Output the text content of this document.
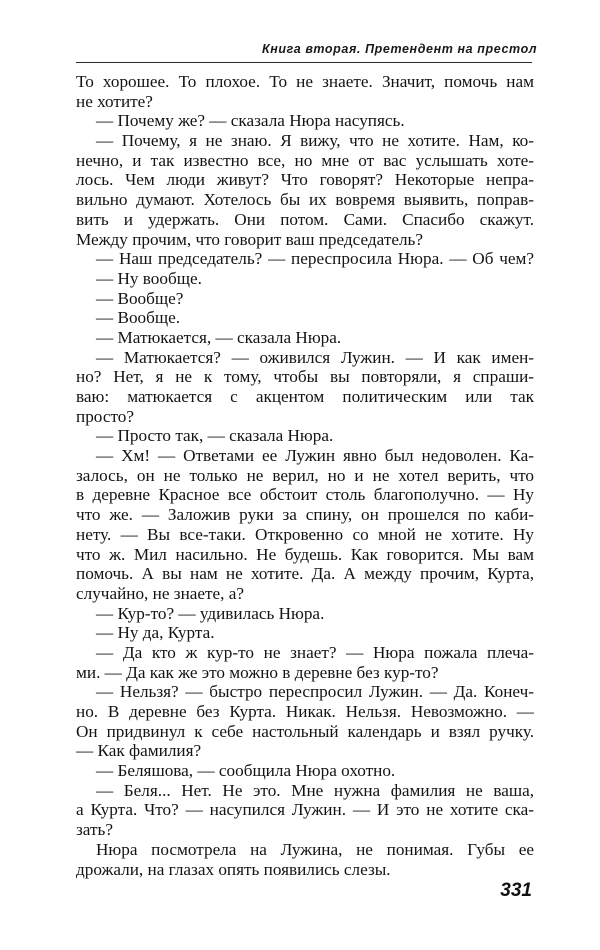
Книга вторая. Претендент на престол
То хорошее. То плохое. То не знаете. Значит, помочь нам
не хотите?
— Почему же? — сказала Нюра насупясь.
— Почему, я не знаю. Я вижу, что не хотите. Нам, ко-
нечно, и так известно все, но мне от вас услышать хоте-
лось. Чем люди живут? Что говорят? Некоторые непра-
вильно думают. Хотелось бы их вовремя выявить, поправ-
вить и удержать. Они потом. Сами. Спасибо скажут.
Между прочим, что говорит ваш председатель?
— Наш председатель? — переспросила Нюра. — Об чем?
— Ну вообще.
— Вообще?
— Вообще.
— Матюкается, — сказала Нюра.
— Матюкается? — оживился Лужин. — И как имен-
но? Нет, я не к тому, чтобы вы повторяли, я спраши-
ваю: матюкается с акцентом политическим или так
просто?
— Просто так, — сказала Нюра.
— Хм! — Ответами ее Лужин явно был недоволен. Ка-
залось, он не только не верил, но и не хотел верить, что
в деревне Красное все обстоит столь благополучно. — Ну
что же. — Заложив руки за спину, он прошелся по каби-
нету. — Вы все-таки. Откровенно со мной не хотите. Ну
что ж. Мил насильно. Не будешь. Как говорится. Мы вам
помочь. А вы нам не хотите. Да. А между прочим, Курта,
случайно, не знаете, а?
— Кур-то? — удивилась Нюра.
— Ну да, Курта.
— Да кто ж кур-то не знает? — Нюра пожала плеча-
ми. — Да как же это можно в деревне без кур-то?
— Нельзя? — быстро переспросил Лужин. — Да. Конеч-
но. В деревне без Курта. Никак. Нельзя. Невозможно. —
Он придвинул к себе настольный календарь и взял ручку.
— Как фамилия?
— Беляшова, — сообщила Нюра охотно.
— Беля... Нет. Не это. Мне нужна фамилия не ваша,
а Курта. Что? — насупился Лужин. — И это не хотите ска-
зать?
Нюра посмотрела на Лужина, не понимая. Губы ее
дрожали, на глазах опять появились слезы.
331
